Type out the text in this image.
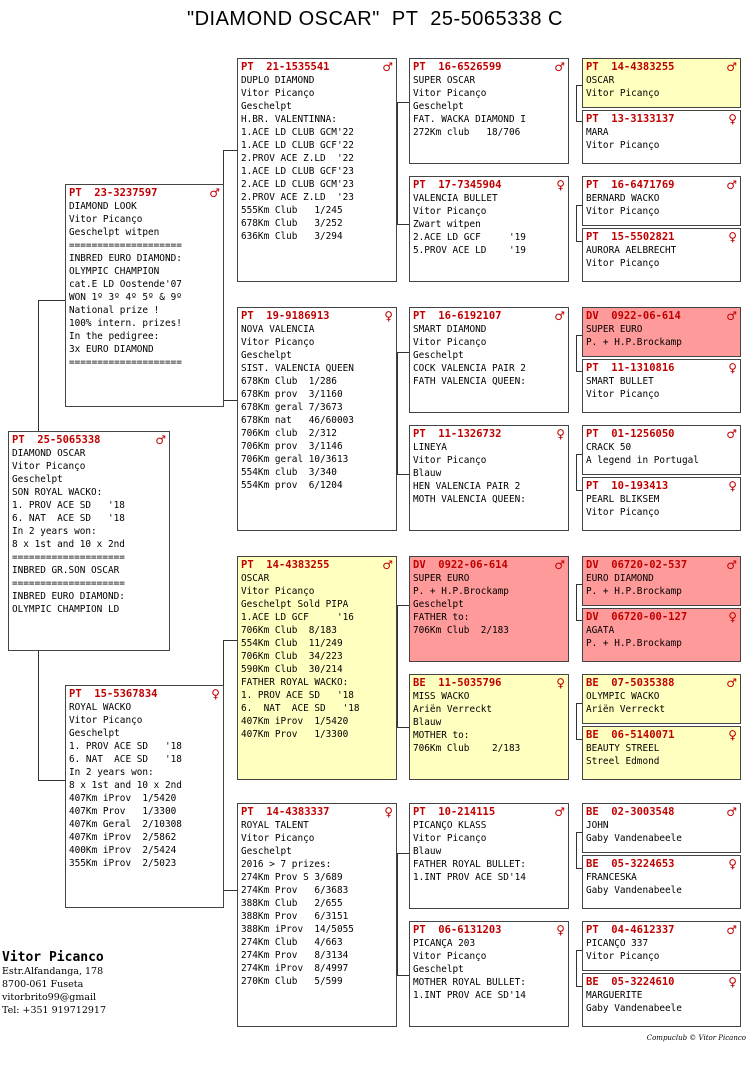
"DIAMOND OSCAR"  PT  25-5065338 C
PT  25-5065338	♂
DIAMOND OSCAR
Vitor Picanço
Geschelpt
SON ROYAL WACKO:
1. PROV ACE SD   '18
6. NAT  ACE SD   '18
In 2 years won:
8 x 1st and 10 x 2nd
====================
INBRED GR.SON OSCAR
====================
INBRED EURO DIAMOND:
OLYMPIC CHAMPION LD
PT  23-3237597	♂
DIAMOND LOOK
Vitor Picanço
Geschelpt witpen
====================
INBRED EURO DIAMOND:
OLYMPIC CHAMPION
cat.E LD Oostende'07
WON 1º 3º 4º 5º & 9º
National prize !
100% intern. prizes!
In the pedigree:
3x EURO DIAMOND
====================
PT  15-5367834	♀
ROYAL WACKO
Vitor Picanço
Geschelpt
1. PROV ACE SD   '18
6. NAT  ACE SD   '18
In 2 years won:
8 x 1st and 10 x 2nd
407Km iProv  1/5420
407Km Prov   1/3300
407Km Geral  2/10308
407Km iProv  2/5862
400Km iProv  2/5424
355Km iProv  2/5023
PT  21-1535541	♂
DUPLO DIAMOND
Vitor Picanço
Geschelpt
H.BR. VALENTINNA:
1.ACE LD CLUB GCM'22
1.ACE LD CLUB GCF'22
2.PROV ACE Z.LD  '22
1.ACE LD CLUB GCF'23
2.ACE LD CLUB GCM'23
2.PROV ACE Z.LD  '23
555Km Club   1/245
678Km Club   3/252
636Km Club   3/294
PT  19-9186913	♀
NOVA VALENCIA
Vitor Picanço
Geschelpt
SIST. VALENCIA QUEEN
678Km Club  1/286
678Km prov  3/1160
678Km geral 7/3673
678Km nat   46/60003
706Km club  2/312
706Km prov  3/1146
706Km geral 10/3613
554Km club  3/340
554Km prov  6/1204
PT  14-4383255	♂
OSCAR
Vitor Picanço
Geschelpt Sold PIPA
1.ACE LD GCF     '16
706Km Club  8/183
554Km Club  11/249
706Km Club  34/223
590Km Club  30/214
FATHER ROYAL WACKO:
1. PROV ACE SD   '18
6.  NAT  ACE SD   '18
407Km iProv  1/5420
407Km Prov   1/3300
PT  14-4383337	♀
ROYAL TALENT
Vitor Picanço
Geschelpt
2016 > 7 prizes:
274Km Prov S 3/689
274Km Prov   6/3683
388Km Club   2/655
388Km Prov   6/3151
388Km iProv  14/5055
274Km Club   4/663
274Km Prov   8/3134
274Km iProv  8/4997
270Km Club   5/599
PT  16-6526599	♂
SUPER OSCAR
Vitor Picanço
Geschelpt
FAT. WACKA DIAMOND I
272Km club   18/706
PT  17-7345904	♀
VALENCIA BULLET
Vitor Picanço
Zwart witpen
2.ACE LD GCF     '19
5.PROV ACE LD    '19
PT  16-6192107	♂
SMART DIAMOND
Vitor Picanço
Geschelpt
COCK VALENCIA PAIR 2
FATH VALENCIA QUEEN:
PT  11-1326732	♀
LINEYA
Vitor Picanço
Blauw
HEN VALENCIA PAIR 2
MOTH VALENCIA QUEEN:
DV  0922-06-614	♂
SUPER EURO
P. + H.P.Brockamp
Geschelpt
FATHER to:
706Km Club  2/183
BE  11-5035796	♀
MISS WACKO
Ariën Verreckt
Blauw
MOTHER to:
706Km Club    2/183
PT  10-214115	♂
PICANÇO KLASS
Vitor Picanço
Blauw
FATHER ROYAL BULLET:
1.INT PROV ACE SD'14
PT  06-6131203	♀
PICANÇA 203
Vitor Picanço
Geschelpt
MOTHER ROYAL BULLET:
1.INT PROV ACE SD'14
PT  14-4383255	♂
OSCAR
Vitor Picanço
PT  13-3133137	♀
MARA
Vitor Picanço
PT  16-6471769	♂
BERNARD WACKO
Vitor Picanço
PT  15-5502821	♀
AURORA AELBRECHT
Vitor Picanço
DV  0922-06-614	♂
SUPER EURO
P. + H.P.Brockamp
PT  11-1310816	♀
SMART BULLET
Vitor Picanço
PT  01-1256050	♂
CRACK 50
A legend in Portugal
PT  10-193413	♀
PEARL BLIKSEM
Vitor Picanço
DV  06720-02-537	♂
EURO DIAMOND
P. + H.P.Brockamp
DV  06720-00-127	♀
AGATA
P. + H.P.Brockamp
BE  07-5035388	♂
OLYMPIC WACKO
Ariën Verreckt
BE  06-5140071	♀
BEAUTY STREEL
Streel Edmond
BE  02-3003548	♂
JOHN
Gaby Vandenabeele
BE  05-3224653	♀
FRANCESKA
Gaby Vandenabeele
PT  04-4612337	♂
PICANÇO 337
Vitor Picanço
BE  05-3224610	♀
MARGUERITE
Gaby Vandenabeele
Vitor Picanco
Estr.Alfandanga, 178
8700-061 Fuseta
vitorbrito99@gmail
Tel: +351 919712917
Compuclub © Vitor Picanco
